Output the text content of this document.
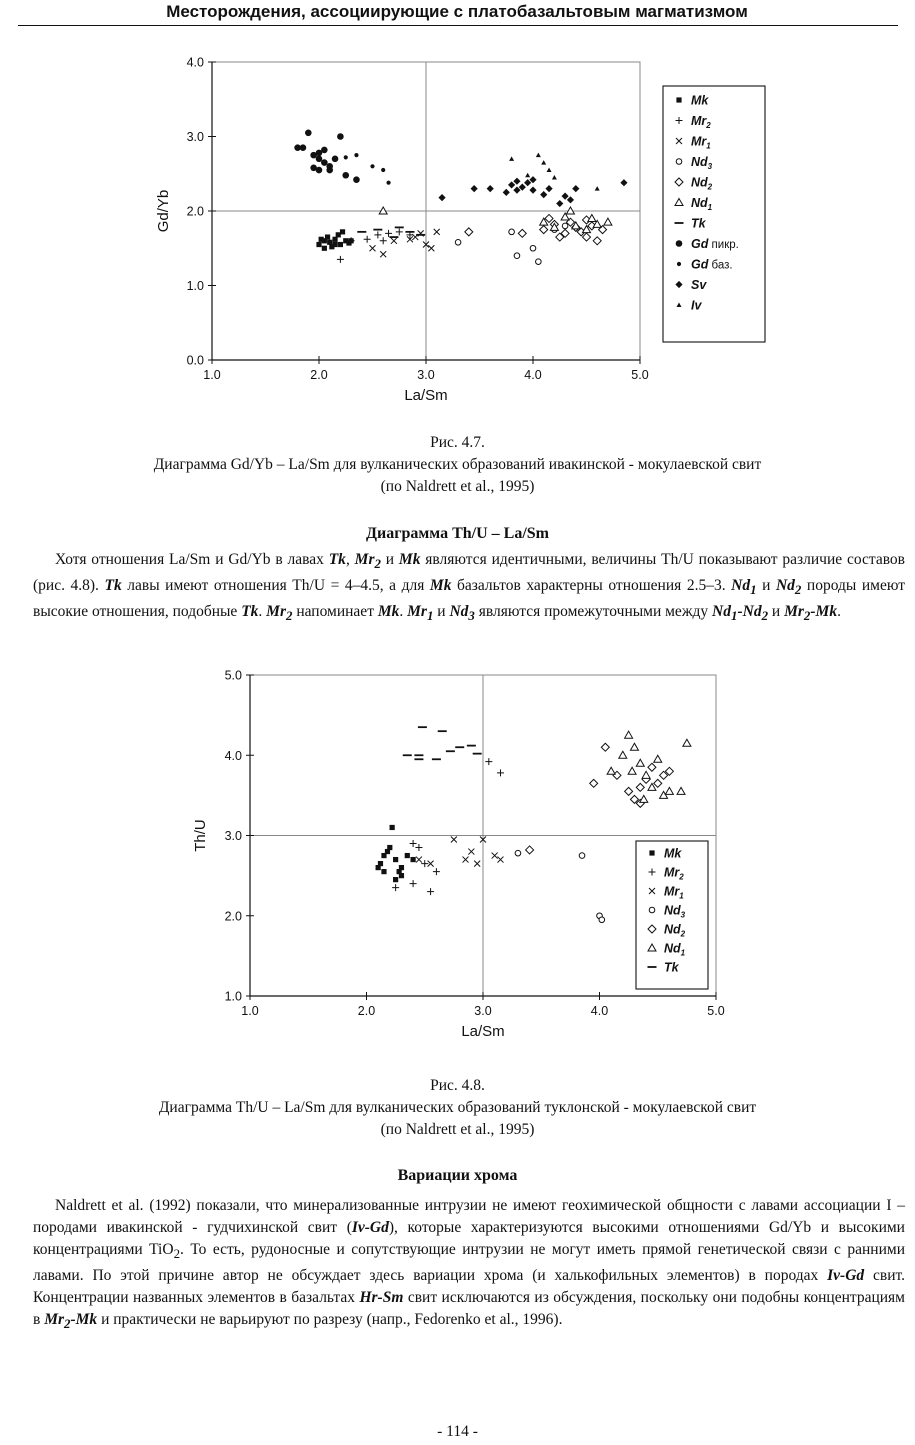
Месторождения, ассоциирующие с платобазальтовым магматизмом
1.0	2.0	3.0	4.0	5.0
0.0
1.0
2.0
3.0
4.0
La/Sm
Gd/Yb
Mk
$Mr_2$
$Mr_1$
$Nd_3$
$Nd_2$
$Nd_1$
Tk
Gd пикр.
Gd баз.
Sv
Iv
Рис. 4.7.
Диаграмма Gd/Yb – La/Sm для вулканических образований ивакинской - мокулаевской свит
(по Naldrett et al., 1995)
Диаграмма Th/U – La/Sm
Хотя отношения La/Sm и Gd/Yb в лавах Tk, $Mr_2$ и Mk являются идентичными, величины Th/U показывают различие составов (рис. 4.8). Tk лавы имеют отношения Th/U = 4–4.5, а для Mk базальтов характерны отношения 2.5–3. $Nd_1$ и $Nd_2$ породы имеют высокие отношения, подобные Tk. $Mr_2$ напоминает Mk. $Mr_1$ и $Nd_3$ являются промежуточными между $Nd_1-Nd_2$ и $Mr_2-Mk$.
1.0	2.0	3.0	4.0	5.0
1.0
2.0
3.0
4.0
5.0
La/Sm
Th/U
Mk
$Mr_2$
$Mr_1$
$Nd_3$
$Nd_2$
$Nd_1$
Tk
Рис. 4.8.
Диаграмма Th/U – La/Sm для вулканических образований туклонской - мокулаевской свит
(по Naldrett et al., 1995)
Вариации хрома
Naldrett et al. (1992) показали, что минерализованные интрузии не имеют геохимической общности с лавами ассоциации I – породами ивакинской - гудчихинской свит (Iv-Gd), которые характеризуются высокими отношениями Gd/Yb и высокими концентрациями TiO$_2$. То есть, рудоносные и сопутствующие интрузии не могут иметь прямой генетической связи с ранними лавами. По этой причине автор не обсуждает здесь вариации хрома (и халькофильных элементов) в породах Iv-Gd свит. Концентрации названных элементов в базальтах Hr-Sm свит исключаются из обсуждения, поскольку они подобны концентрациям в $Mr_2-Mk$ и практически не варьируют по разрезу (напр., Fedorenko et al., 1996).
- 114 -
